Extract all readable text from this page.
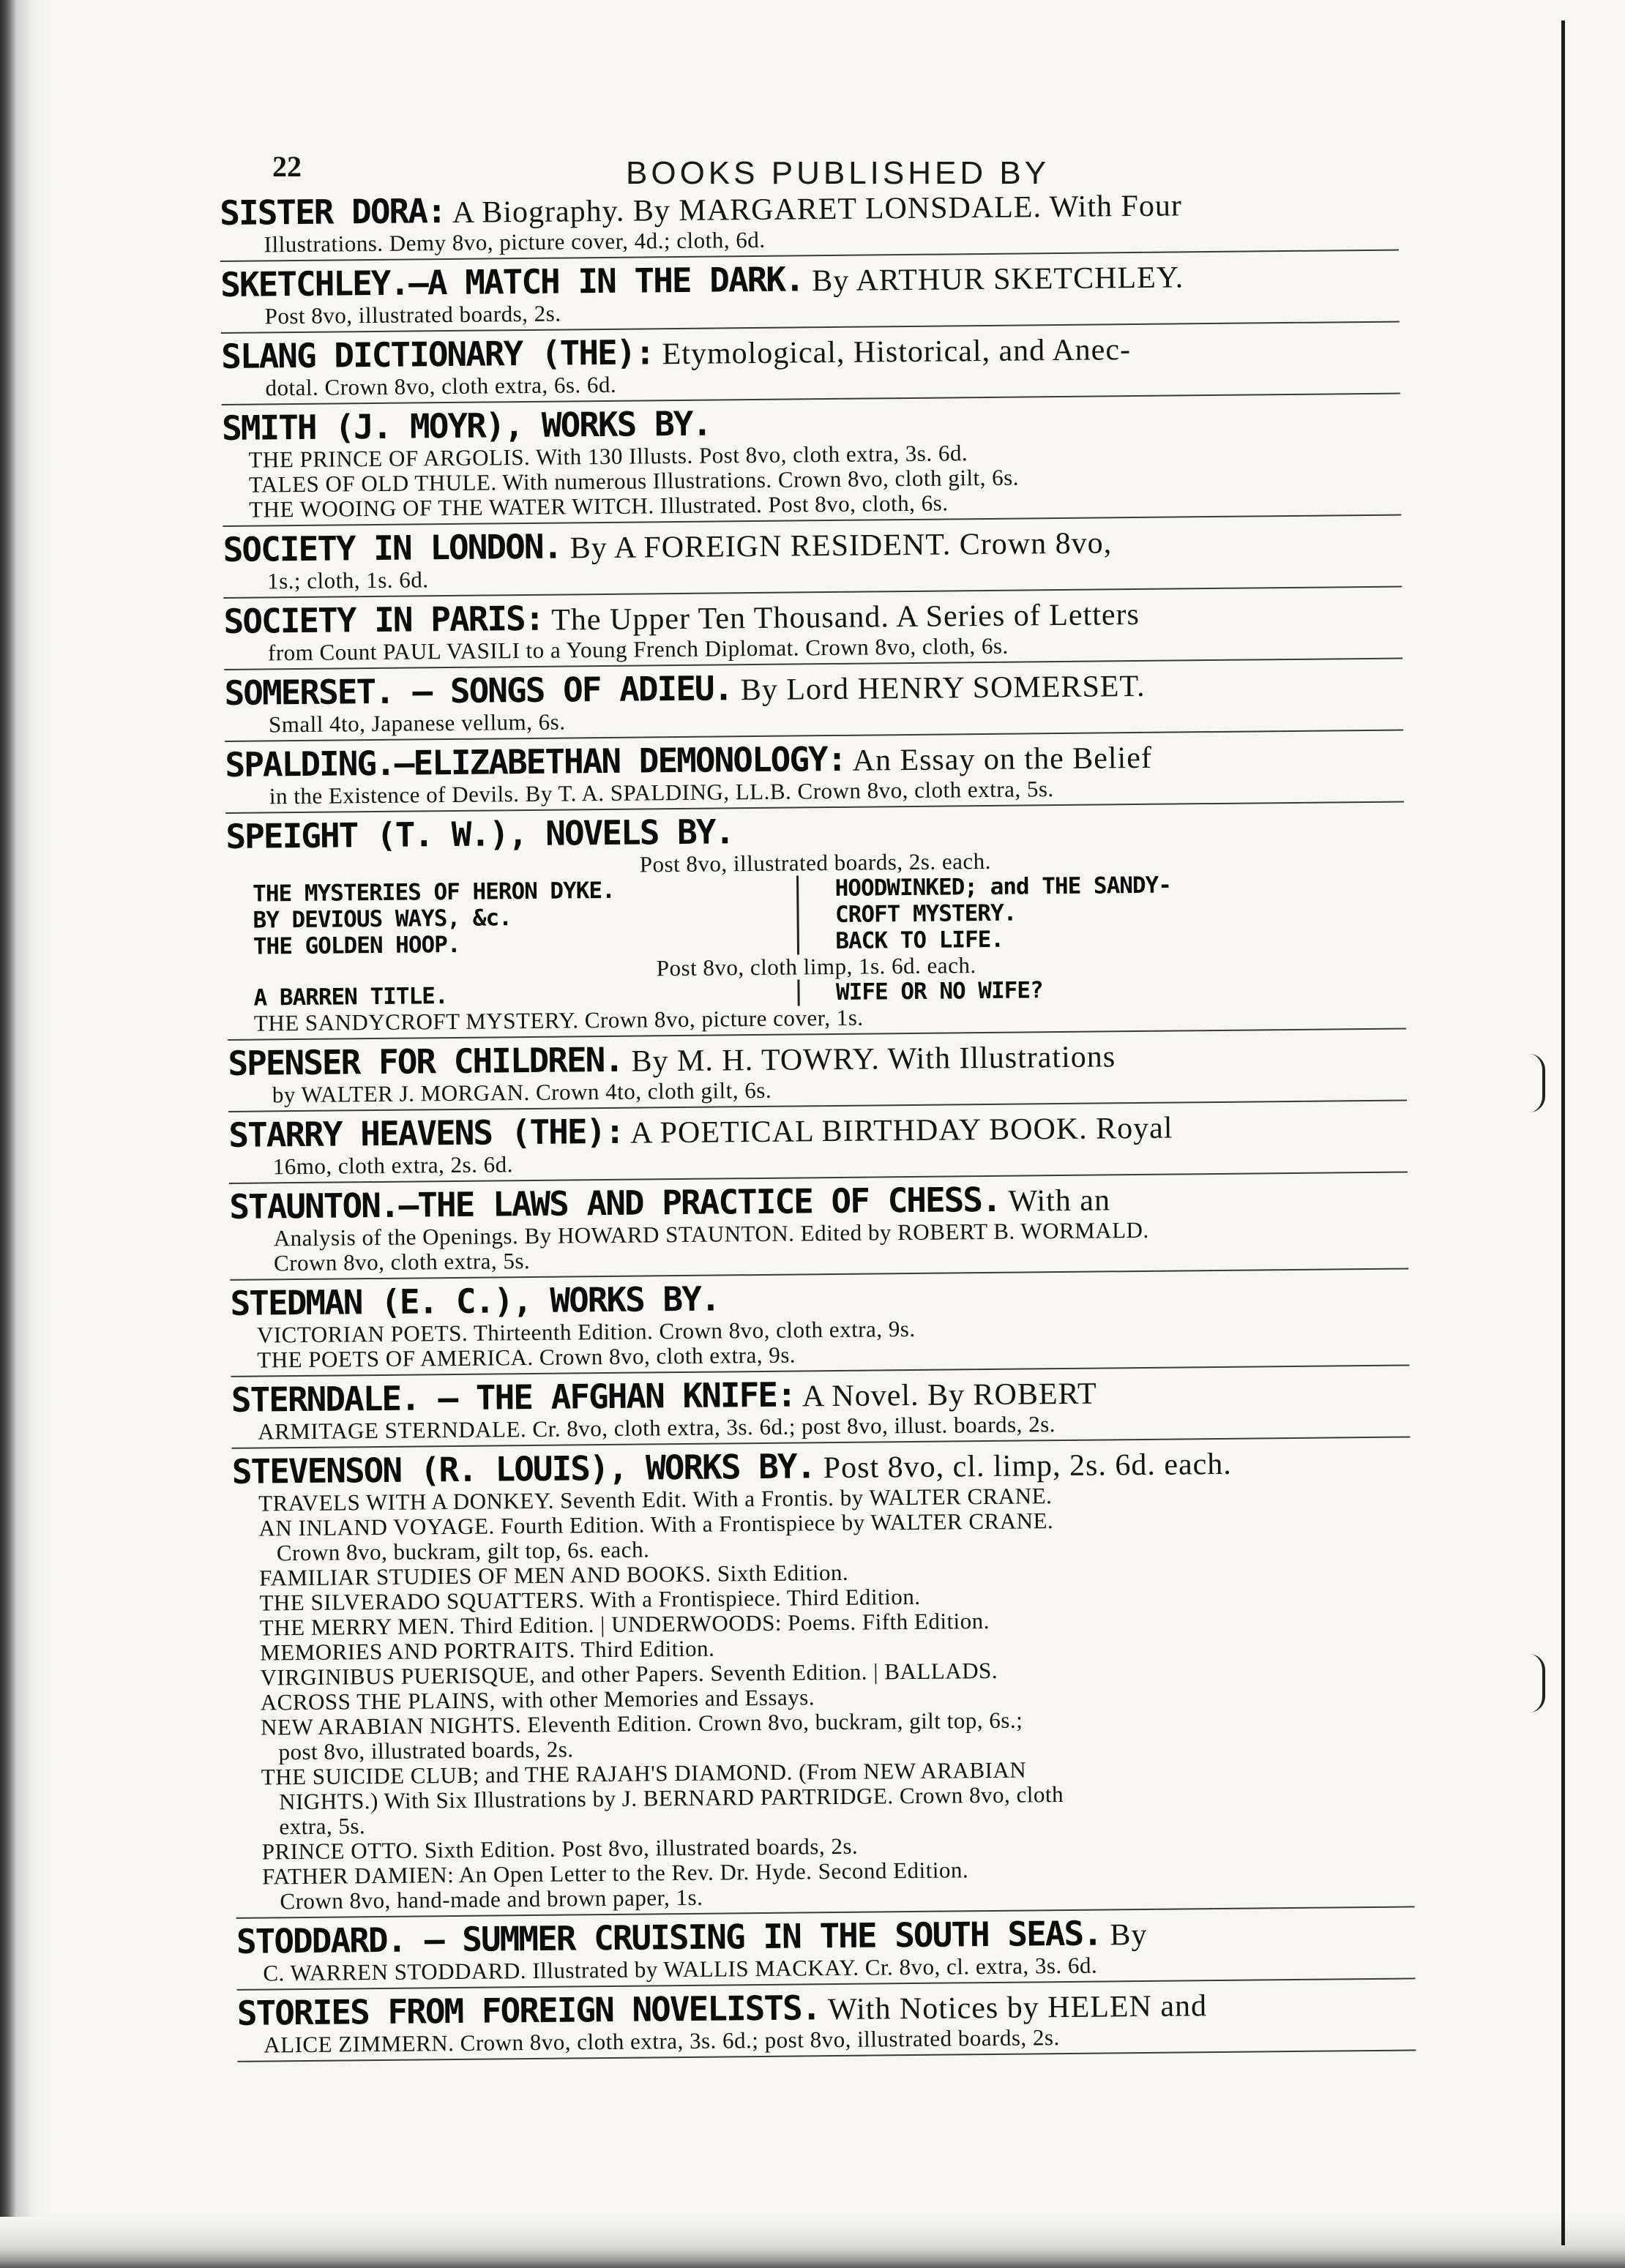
22	BOOKS PUBLISHED BY

SISTER DORA: A Biography. By MARGARET LONSDALE. With Four

Illustrations. Demy 8vo, picture cover, 4d.; cloth, 6d.

SKETCHLEY.—A MATCH IN THE DARK. By ARTHUR SKETCHLEY.

Post 8vo, illustrated boards, 2s.

SLANG DICTIONARY (THE): Etymological, Historical, and Anec-

dotal. Crown 8vo, cloth extra, 6s. 6d.

SMITH (J. MOYR), WORKS BY.

THE PRINCE OF ARGOLIS. With 130 Illusts. Post 8vo, cloth extra, 3s. 6d.

TALES OF OLD THULE. With numerous Illustrations. Crown 8vo, cloth gilt, 6s.

THE WOOING OF THE WATER WITCH. Illustrated. Post 8vo, cloth, 6s.

SOCIETY IN LONDON. By A FOREIGN RESIDENT. Crown 8vo,

1s.; cloth, 1s. 6d.

SOCIETY IN PARIS: The Upper Ten Thousand. A Series of Letters

from Count PAUL VASILI to a Young French Diplomat. Crown 8vo, cloth, 6s.

SOMERSET. — SONGS OF ADIEU. By Lord HENRY SOMERSET.

Small 4to, Japanese vellum, 6s.

SPALDING.—ELIZABETHAN DEMONOLOGY: An Essay on the Belief

in the Existence of Devils. By T. A. SPALDING, LL.B. Crown 8vo, cloth extra, 5s.

SPEIGHT (T. W.), NOVELS BY.

Post 8vo, illustrated boards, 2s. each.

THE MYSTERIES OF HERON DYKE.

BY DEVIOUS WAYS, &c.

THE GOLDEN HOOP.

HOODWINKED; and THE SANDY-

CROFT MYSTERY.

BACK TO LIFE.

Post 8vo, cloth limp, 1s. 6d. each.

A BARREN TITLE.	WIFE OR NO WIFE?

THE SANDYCROFT MYSTERY. Crown 8vo, picture cover, 1s.

SPENSER FOR CHILDREN. By M. H. TOWRY. With Illustrations

by WALTER J. MORGAN. Crown 4to, cloth gilt, 6s.

STARRY HEAVENS (THE): A POETICAL BIRTHDAY BOOK. Royal

16mo, cloth extra, 2s. 6d.

STAUNTON.—THE LAWS AND PRACTICE OF CHESS. With an

Analysis of the Openings. By HOWARD STAUNTON. Edited by ROBERT B. WORMALD.

Crown 8vo, cloth extra, 5s.

STEDMAN (E. C.), WORKS BY.

VICTORIAN POETS. Thirteenth Edition. Crown 8vo, cloth extra, 9s.

THE POETS OF AMERICA. Crown 8vo, cloth extra, 9s.

STERNDALE. — THE AFGHAN KNIFE: A Novel. By ROBERT

ARMITAGE STERNDALE. Cr. 8vo, cloth extra, 3s. 6d.; post 8vo, illust. boards, 2s.

STEVENSON (R. LOUIS), WORKS BY. Post 8vo, cl. limp, 2s. 6d. each.

TRAVELS WITH A DONKEY. Seventh Edit. With a Frontis. by WALTER CRANE.

AN INLAND VOYAGE. Fourth Edition. With a Frontispiece by WALTER CRANE.

Crown 8vo, buckram, gilt top, 6s. each.

FAMILIAR STUDIES OF MEN AND BOOKS. Sixth Edition.

THE SILVERADO SQUATTERS. With a Frontispiece. Third Edition.

THE MERRY MEN. Third Edition. | UNDERWOODS: Poems. Fifth Edition.

MEMORIES AND PORTRAITS. Third Edition.

VIRGINIBUS PUERISQUE, and other Papers. Seventh Edition. | BALLADS.

ACROSS THE PLAINS, with other Memories and Essays.

NEW ARABIAN NIGHTS. Eleventh Edition. Crown 8vo, buckram, gilt top, 6s.;

post 8vo, illustrated boards, 2s.

THE SUICIDE CLUB; and THE RAJAH'S DIAMOND. (From NEW ARABIAN

NIGHTS.) With Six Illustrations by J. BERNARD PARTRIDGE. Crown 8vo, cloth

extra, 5s.

PRINCE OTTO. Sixth Edition. Post 8vo, illustrated boards, 2s.

FATHER DAMIEN: An Open Letter to the Rev. Dr. Hyde. Second Edition.

Crown 8vo, hand-made and brown paper, 1s.

STODDARD. — SUMMER CRUISING IN THE SOUTH SEAS. By

C. WARREN STODDARD. Illustrated by WALLIS MACKAY. Cr. 8vo, cl. extra, 3s. 6d.

STORIES FROM FOREIGN NOVELISTS. With Notices by HELEN and

ALICE ZIMMERN. Crown 8vo, cloth extra, 3s. 6d.; post 8vo, illustrated boards, 2s.
